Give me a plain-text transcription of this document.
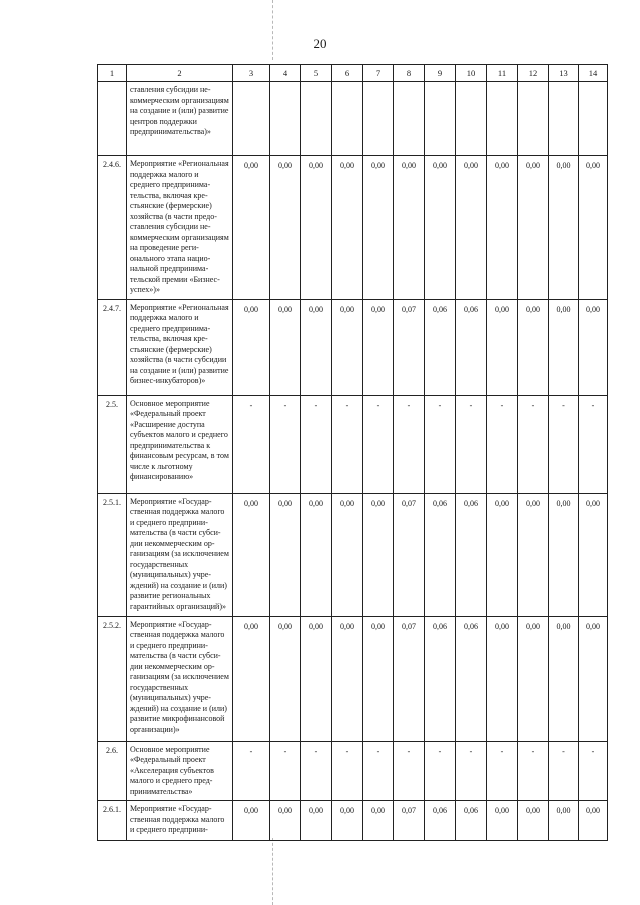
20
1	2	3	4	5	6	7	8	9	10	11	12	13	14
	ставления субсидии некоммерческим организациям на создание и (или) развитие центров поддержки предпринимательства)»												
2.4.6.	Мероприятие «Региональная поддержка малого и среднего предпринимательства, включая крестьянские (фермерские) хозяйства (в части предоставления субсидии некоммерческим организациям на проведение регионального этапа национальной предпринимательской премии «Бизнес-успех»)»	0,00	0,00	0,00	0,00	0,00	0,00	0,00	0,00	0,00	0,00	0,00	0,00
2.4.7.	Мероприятие «Региональная поддержка малого и среднего предпринимательства, включая крестьянские (фермерские) хозяйства (в части субсидии на создание и (или) развитие бизнес-инкубаторов)»	0,00	0,00	0,00	0,00	0,00	0,07	0,06	0,06	0,00	0,00	0,00	0,00
2.5.	Основное мероприятие «Федеральный проект «Расширение доступа субъектов малого и среднего предпринимательства к финансовым ресурсам, в том числе к льготному финансированию»	-	-	-	-	-	-	-	-	-	-	-	-
2.5.1.	Мероприятие «Государственная поддержка малого и среднего предпринимательства (в части субсидии некоммерческим организациям (за исключением государственных (муниципальных) учреждений) на создание и (или) развитие региональных гарантийных организаций)»	0,00	0,00	0,00	0,00	0,00	0,07	0,06	0,06	0,00	0,00	0,00	0,00
2.5.2.	Мероприятие «Государственная поддержка малого и среднего предпринимательства (в части субсидии некоммерческим организациям (за исключением государственных (муниципальных) учреждений) на создание и (или) развитие микрофинансовой организации)»	0,00	0,00	0,00	0,00	0,00	0,07	0,06	0,06	0,00	0,00	0,00	0,00
2.6.	Основное мероприятие «Федеральный проект «Акселерация субъектов малого и среднего предпринимательства»	-	-	-	-	-	-	-	-	-	-	-	-
2.6.1.	Мероприятие «Государственная поддержка малого и среднего предприни-	0,00	0,00	0,00	0,00	0,00	0,07	0,06	0,06	0,00	0,00	0,00	0,00
